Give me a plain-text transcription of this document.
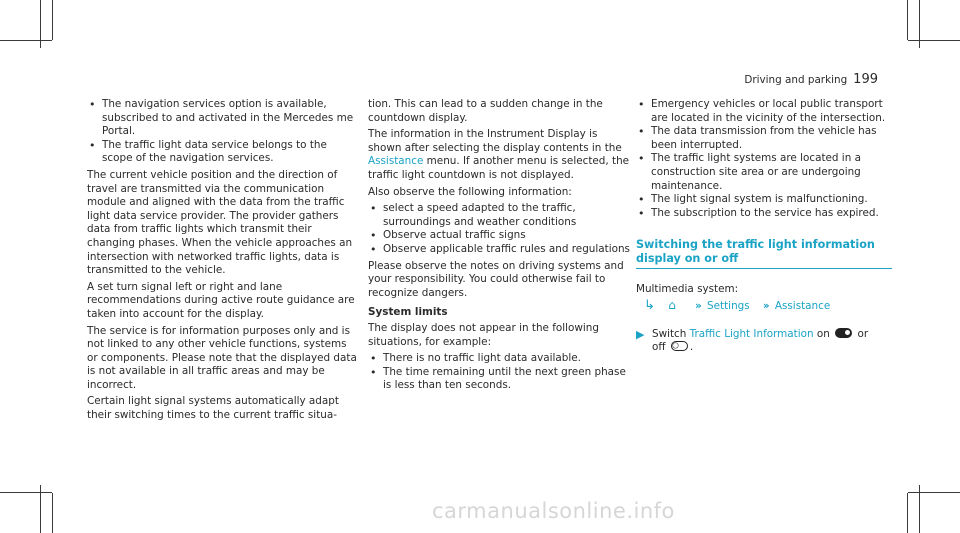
Driving and parking 199
• The navigation services option is available, subscribed to and activated in the Mercedes me Portal.
• The traffic light data service belongs to the scope of the navigation services.

The current vehicle position and the direction of travel are transmitted via the communication module and aligned with the data from the traffic light data service provider. The provider gathers data from traffic lights which transmit their changing phases. When the vehicle approaches an intersection with networked traffic lights, data is transmitted to the vehicle.

A set turn signal left or right and lane recommendations during active route guidance are taken into account for the display.

The service is for information purposes only and is not linked to any other vehicle functions, systems or components. Please note that the displayed data is not available in all traffic areas and may be incorrect.

Certain light signal systems automatically adapt their switching times to the current traffic situa-

tion. This can lead to a sudden change in the countdown display.

The information in the Instrument Display is shown after selecting the display contents in the Assistance menu. If another menu is selected, the traffic light countdown is not displayed.

Also observe the following information:

• select a speed adapted to the traffic, surroundings and weather conditions
• Observe actual traffic signs
• Observe applicable traffic rules and regulations

Please observe the notes on driving systems and your responsibility. You could otherwise fail to recognize dangers.

System limits

The display does not appear in the following situations, for example:

• There is no traffic light data available.
• The time remaining until the next green phase is less than ten seconds.
• Emergency vehicles or local public transport are located in the vicinity of the intersection.
• The data transmission from the vehicle has been interrupted.
• The traffic light systems are located in a construction site area or are undergoing maintenance.
• The light signal system is malfunctioning.
• The subscription to the service has expired.
Switching the traffic light information display on or off
Multimedia system:
↳ ⌂ ›› Settings ›› Assistance
▶ Switch Traffic Light Information on	or
off .
carmanualsonline.info
